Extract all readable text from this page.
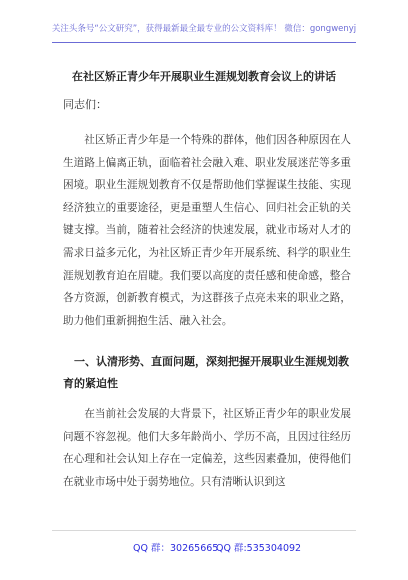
关注头条号“公文研究”，获得最新最全最专业的公文资料库！ 微信：gongwenyj
在社区矫正青少年开展职业生涯规划教育会议上的讲话
同志们：
社区矫正青少年是一个特殊的群体，他们因各种原因在人生道路上偏离正轨，面临着社会融入难、职业发展迷茫等多重困境。职业生涯规划教育不仅是帮助他们掌握谋生技能、实现经济独立的重要途径，更是重塑人生信心、回归社会正轨的关键支撑。当前，随着社会经济的快速发展，就业市场对人才的需求日益多元化，为社区矫正青少年开展系统、科学的职业生涯规划教育迫在眉睫。我们要以高度的责任感和使命感，整合各方资源，创新教育模式，为这群孩子点亮未来的职业之路，助力他们重新拥抱生活、融入社会。
一、认清形势、直面问题，深刻把握开展职业生涯规划教育的紧迫性
在当前社会发展的大背景下，社区矫正青少年的职业发展问题不容忽视。他们大多年龄尚小、学历不高，且因过往经历在心理和社会认知上存在一定偏差，这些因素叠加，使得他们在就业市场中处于弱势地位。只有清晰认识到这
QQ 群：30265665
QQ 群:535304092
